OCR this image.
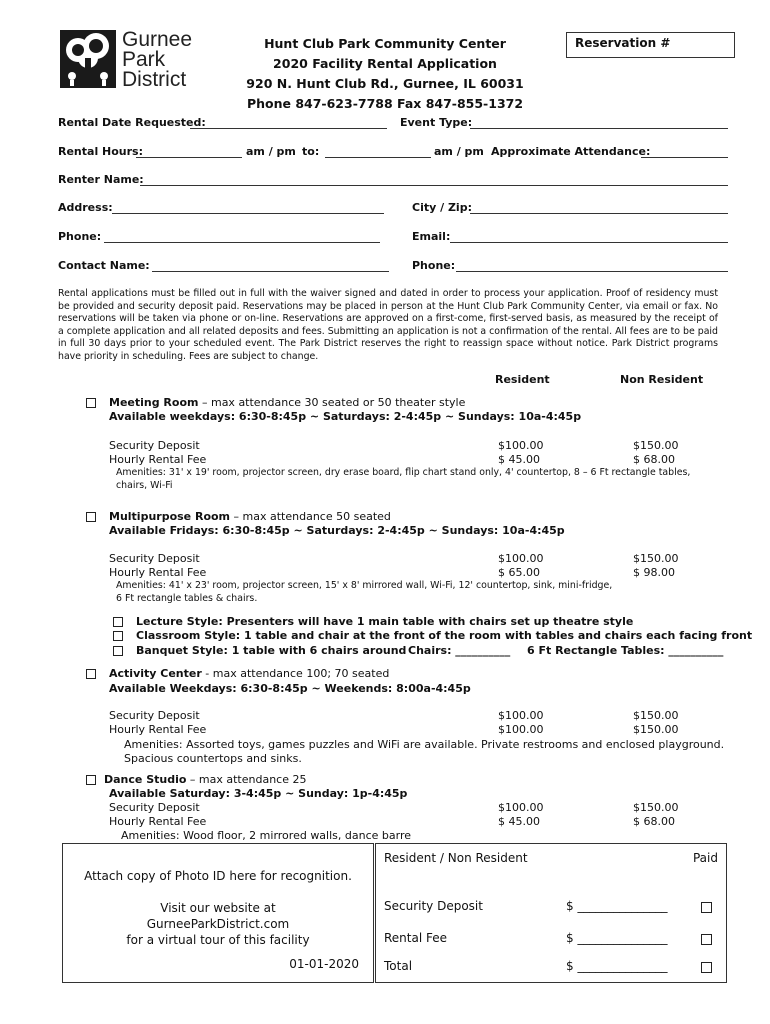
Gurnee
Park
District
Hunt Club Park Community Center
2020 Facility Rental Application
920 N. Hunt Club Rd., Gurnee, IL 60031
Phone 847-623-7788 Fax 847-855-1372
Reservation #
Rental Date Requested:	Event Type:
Rental Hours:	am / pm to:	am / pm Approximate Attendance:
Renter Name:
Address:	City / Zip:
Phone:	Email:
Contact Name:	Phone:
Rental applications must be filled out in full with the waiver signed and dated in order to process your application. Proof of residency must be provided and security deposit paid. Reservations may be placed in person at the Hunt Club Park Community Center, via email or fax. No reservations will be taken via phone or on-line. Reservations are approved on a first-come, first-served basis, as measured by the receipt of a complete application and all related deposits and fees. Submitting an application is not a confirmation of the rental. All fees are to be paid in full 30 days prior to your scheduled event. The Park District reserves the right to reassign space without notice. Park District programs have priority in scheduling. Fees are subject to change.
Resident	Non Resident
Meeting Room – max attendance 30 seated or 50 theater style
Available weekdays: 6:30-8:45p ~ Saturdays: 2-4:45p ~ Sundays: 10a-4:45p
Security Deposit	$100.00	$150.00
Hourly Rental Fee	$ 45.00	$ 68.00
Amenities: 31' x 19' room, projector screen, dry erase board, flip chart stand only, 4' countertop, 8 – 6 Ft rectangle tables,
chairs, Wi-Fi
Multipurpose Room – max attendance 50 seated
Available Fridays: 6:30-8:45p ~ Saturdays: 2-4:45p ~ Sundays: 10a-4:45p
Security Deposit	$100.00	$150.00
Hourly Rental Fee	$ 65.00	$ 98.00
Amenities: 41' x 23' room, projector screen, 15' x 8' mirrored wall, Wi-Fi, 12' countertop, sink, mini-fridge,
6 Ft rectangle tables & chairs.
Lecture Style: Presenters will have 1 main table with chairs set up theatre style
Classroom Style: 1 table and chair at the front of the room with tables and chairs each facing front
Banquet Style: 1 table with 6 chairs around Chairs: __________ 6 Ft Rectangle Tables: __________
Activity Center - max attendance 100; 70 seated
Available Weekdays: 6:30-8:45p ~ Weekends: 8:00a-4:45p
Security Deposit	$100.00	$150.00
Hourly Rental Fee	$100.00	$150.00
Amenities: Assorted toys, games puzzles and WiFi are available. Private restrooms and enclosed playground.
Spacious countertops and sinks.
Dance Studio – max attendance 25
Available Saturday: 3-4:45p ~ Sunday: 1p-4:45p
Security Deposit	$100.00	$150.00
Hourly Rental Fee	$ 45.00	$ 68.00
Amenities: Wood floor, 2 mirrored walls, dance barre
Attach copy of Photo ID here for recognition.
Visit our website at
GurneeParkDistrict.com
for a virtual tour of this facility
01-01-2020
Resident / Non Resident	Paid
Security Deposit	$ _______________
Rental Fee	$ _______________
Total	$ _______________
